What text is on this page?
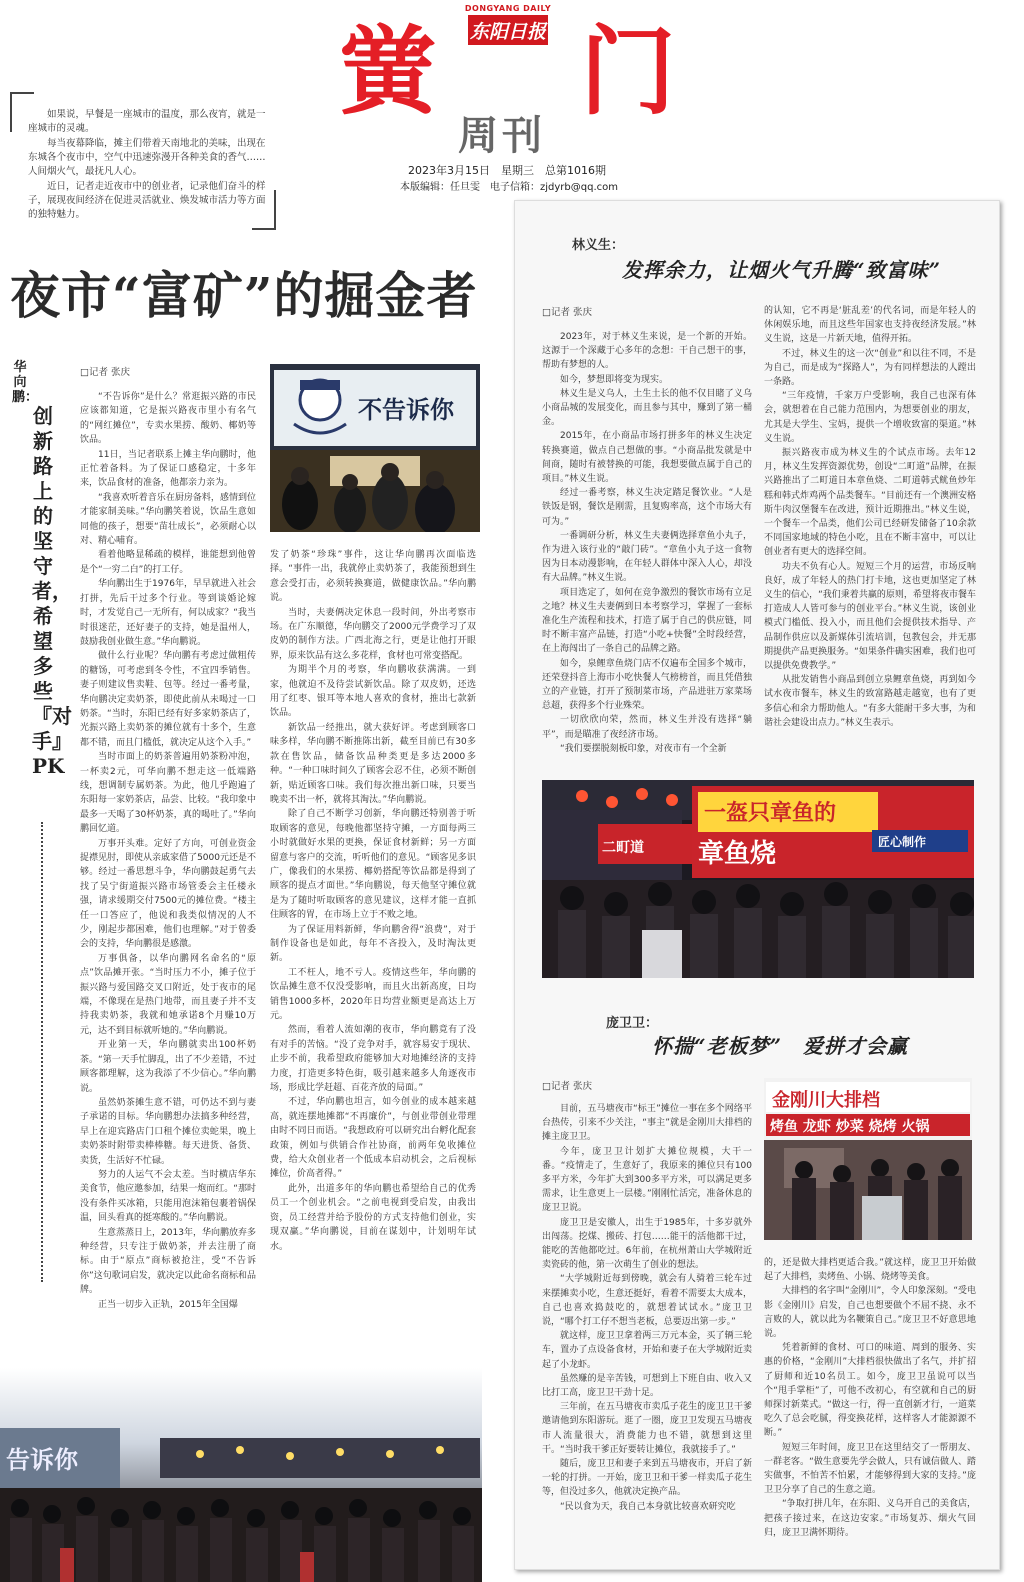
DONGYANG DAILY
东阳日报
黉 门
周刊
2023年3月15日　星期三　总第1016期
本版编辑：任旦雯　电子信箱：zjdyrb@qq.com

如果说，早餐是一座城市的温度，那么夜宵，就是一座城市的灵魂。

每当夜幕降临，摊主们带着天南地北的美味，出现在东城各个夜市中，空气中迅速弥漫开各种美食的香气……人间烟火气，最抚凡人心。

近日，记者走近夜市中的创业者，记录他们奋斗的样子，展现夜间经济在促进灵活就业、焕发城市活力等方面的独特魅力。

夜市“富矿”的掘金者
华向鹏：
创新路上的坚守者，希望多些『对手』PK
□记者 张庆

“不告诉你”是什么？常逛振兴路的市民应该都知道，它是振兴路夜市里小有名气的“网红摊位”，专卖水果捞、酸奶、椰奶等饮品。

11日，当记者联系上摊主华向鹏时，他正忙着备料。为了保证口感稳定，十多年来，饮品食材的准备，他都亲力亲为。

“我喜欢听着音乐在厨房备料，感情到位才能家制美味。”华向鹏笑着说，饮品生意如同他的孩子，想要“苗壮成长”，必须耐心以对、精心哺育。

看着他略显稀疏的模样，谁能想到他曾是个“一穷二白”的打工仔。

华向鹏出生于1976年，早早就进入社会打拼，先后干过多个行业。等到谈婚论嫁时，才发觉自己一无所有，何以成家？“我当时很迷茫，还好妻子的支持，她是温州人，鼓励我创业做生意。”华向鹏说。

做什么行业呢？华向鹏有考虑过做粗传的糖饧，可考虑到冬令性，不宜四季销售。妻子则建议售卖鞋、包等。经过一番考量，华向鹏决定卖奶茶，即使此前从未喝过一口奶茶。“当时，东阳已经有好多家奶茶店了，光振兴路上卖奶茶的摊位就有十多个，生意都不错，而且门槛低，就决定从这个入手。”

当时市面上的奶茶普遍用奶茶粉冲泡，一杯卖2元，可华向鹏不想走这一低端路线，想调制专属奶茶。为此，他几乎跑遍了东阳每一家奶茶店，品尝、比较。“我印象中最多一天喝了30杯奶茶，真的喝吐了。”华向鹏回忆道。

万事开头难。定好了方向，可创业资金捉襟见肘，即使从亲戚家借了5000元还是不够。经过一番思想斗争，华向鹏鼓起勇气去找了吴宁街道振兴路市场管委会主任楼永强，请求缓期交付7500元的摊位费。“楼主任一口答应了，他说和我类似情况的人不少，刚起步都困难，他们也理解。”对于曾委会的支持，华向鹏很是感激。

万事俱备，以华向鹏网名命名的“原点”饮品摊开张。“当时压力不小，摊子位于振兴路与爱国路交叉口附近，处于夜市的尾端，不像现在是热门地带，而且妻子并不支持我卖奶茶，我就和她承诺8个月赚10万元，达不到目标就听她的。”华向鹏说。

开业第一天，华向鹏就卖出100杯奶茶。“第一天手忙脚乱，出了不少差错，不过顾客都理解，这为我添了不少信心。”华向鹏说。

虽然奶茶摊生意不错，可仍达不到与妻子承诺的目标。华向鹏想办法搞多种经营，早上在迎宾路店门口租个摊位卖蛇果，晚上卖奶茶时附带卖棒棒糖。每天进货、备货、卖货，生活好不忙碌。

努力的人运气不会太差。当时横店华东美食节，他应邀参加，结果一炮而红。“那时没有条件买冰箱，只能用泡沫箱包裹着锅保温，回头看真的挺寒酸的。”华向鹏说。

生意蒸蒸日上，2013年，华向鹏放弃多种经营，只专注于做奶茶，并去注册了商标。由于“原点”商标被抢注，受“不告诉你”这句歌词启发，就决定以此命名商标和品牌。

正当一切步入正轨，2015年全国爆

不告诉你

发了奶茶“珍珠”事件，这让华向鹏再次面临选择。“事件一出，我就停止卖奶茶了，我能预想到生意会受打击，必须转换赛道，做健康饮品。”华向鹏说。

当时，夫妻俩决定休息一段时间，外出考察市场。在广东顺德，华向鹏交了2000元学费学习了双皮奶的制作方法。广西北海之行，更是让他打开眼界，原来饮品有这么多花样，食材也可常变搭配。

为期半个月的考察，华向鹏收获满满。一到家，他就迫不及待尝试新饮品。除了双皮奶，还选用了红枣、银耳等本地人喜欢的食材，推出七款新饮品。

新饮品一经推出，就大获好评。考虑到顾客口味多样，华向鹏不断推陈出新，截至目前已有30多款在售饮品，储备饮品种类更是多达2000多种。“一种口味时间久了顾客会忍不住，必须不断创新，贴近顾客口味。我们每次推出新口味，只要当晚卖不出一杯，就将其淘汰。”华向鹏说。

除了自己不断学习创新，华向鹏还特别善于听取顾客的意见，每晚他都坚持守摊，一方面每两三小时就做好水果的更换，保证食材新鲜；另一方面留意与客户的交流，听听他们的意见。“顾客见多识广，像我们的水果捞、椰奶搭配等饮品都是得到了顾客的提点才面世。”华向鹏说，每天他坚守摊位就是为了随时听取顾客的意见建议，这样才能一直抓住顾客的胃，在市场上立于不败之地。

为了保证用料新鲜，华向鹏舍得“浪费”，对于制作设备也是如此，每年不吝投入，及时淘汰更新。

工不枉人，地不亏人。疫情这些年，华向鹏的饮品摊生意不仅没受影响，而且火出新高度，日均销售1000多杯，2020年日均营业额更是高达上万元。

然而，看着人流如潮的夜市，华向鹏竟有了没有对手的苦恼。“没了竞争对手，就容易安于现状、止步不前，我希望政府能够加大对地摊经济的支持力度，打造更多特色街，吸引越来越多人角逐夜市场，形成比学赶超、百花齐放的局面。”

不过，华向鹏也坦言，如今创业的成本越来越高，就连摆地摊都“不再廉价”，与创业带创业带理由时不同日而语。“我想政府可以研究出台孵化配套政策，例如与供销合作社协商，前两年免收摊位费，给大众创业者一个低成本启动机会，之后视标摊位，价高者得。”

此外，出道多年的华向鹏也希望给自己的优秀员工一个创业机会。“之前电视到受启发，由我出资，员工经营并给予股份的方式支持他们创业，实现双赢。”华向鹏说，目前在谋划中，计划明年试水。

告诉你
林义生：
发挥余力，让烟火气升腾“致富味”
□记者 张庆

2023年，对于林义生来说，是一个新的开始。这源于一个深藏于心多年的念想：干自己想干的事，帮助有梦想的人。

如今，梦想即将变为现实。

林义生是义乌人，土生土长的他不仅目睹了义乌小商品城的发展变化，而且参与其中，赚到了第一桶金。

2015年，在小商品市场打拼多年的林义生决定转换赛道，做点自己想做的事。“小商品批发就是中间商，随时有被替换的可能，我想要做点属于自己的项目。”林义生说。

经过一番考察，林义生决定踏足餐饮业。“人是铁饭是钢，餐饮是刚需，且复购率高，这个市场大有可为。”

一番调研分析，林义生夫妻俩选择章鱼小丸子，作为进入该行业的“敲门砖”。“章鱼小丸子这一食物因为日本动漫影响，在年轻人群体中深入人心，却没有大品牌。”林义生说。

项目选定了，如何在竞争激烈的餐饮市场有立足之地？林义生夫妻俩到日本考察学习，掌握了一套标准化生产流程和技术，打造了属于自己的供应链，同时不断丰富产品链，打造“小吃+快餐”全时段经营，在上海闯出了一条自己的品牌之路。

如今，泉鲤章鱼烧门店不仅遍布全国多个城市，还荣登抖音上海市小吃快餐人气榜榜首，而且凭借独立的产业链，打开了预制菜市场，产品进驻万家菜场总超，获得多个行业殊荣。

一切欣欣向荣，然而，林义生并没有选择“躺平”，而是瞄准了夜经济市场。

“我们要摆脱刻板印象，对夜市有一个全新

的认知，它不再是‘脏乱差’的代名词，而是年轻人的休闲娱乐地，而且这些年国家也支持夜经济发展。”林义生说，这是一片新天地，值得开拓。

不过，林义生的这一次“创业”和以往不同，不是为自己，而是成为“探路人”，为有同样想法的人蹚出一条路。

“三年疫情，千家万户受影响，我自己也深有体会，就想着在自己能力范围内，为想要创业的朋友，尤其是大学生、宝妈，提供一个增收致富的渠道。”林义生说。

振兴路夜市成为林义生的个试点市场。去年12月，林义生发挥资源优势，创设“二町道”品牌，在振兴路推出了二町道日本章鱼烧、二町道韩式鱿鱼炒年糕和韩式炸鸡两个品类餐车。“目前还有一个澳洲安格斯牛肉汉堡餐车在改进，预计近期推出。”林义生说，一个餐车一个品类，他们公司已经研发储备了10余款不同国家地域的特色小吃，且在不断丰富中，可以让创业者有更大的选择空间。

功夫不负有心人。短短三个月的运营，市场反响良好，成了年轻人的热门打卡地，这也更加坚定了林义生的信心，“我们秉着共赢的原则，希望将夜市餐车打造成人人皆可参与的创业平台。”林义生说，该创业模式门槛低、投入小，而且他们会提供技术指导、产品制作供应以及新媒体引流培训，包教包会，并无那期提供产品更换服务。“如果条件确实困难，我们也可以提供免费教学。”

从批发销售小商品到创立泉鲤章鱼烧，再到如今试水夜市餐车，林义生的致富路越走越宽，也有了更多信心和余力帮助他人。“有多大能耐干多大事，为和谐社会建设出点力。”林义生表示。

一盔只章鱼的
章鱼烧
二町道	匠心制作
庞卫卫：
怀揣“老板梦”　爱拼才会赢
□记者 张庆

目前，五马塘夜市“标王”摊位一事在多个网络平台热传，引来不少关注，“事主”就是金刚川大排档的摊主庞卫卫。

今年，庞卫卫计划扩大摊位规模，大干一番。“疫情走了，生意好了，我原来的摊位只有100多平方米，今年扩大到300多平方米，可以满足更多需求，让生意更上一层楼。”刚刚忙活完，准备休息的庞卫卫说。

庞卫卫是安徽人，出生于1985年，十多岁就外出闯荡。挖煤、搬砖、打包……能干的活他都干过，能吃的苦他都吃过。6年前，在杭州萧山大学城附近卖瓷砖的他，第一次萌生了创业的想法。

“大学城附近每到傍晚，就会有人骑着三轮车过来摆摊卖小吃，生意还挺好，看着不需要太大成本，自己也喜欢捣鼓吃的，就想着试试水。”庞卫卫说，“哪个打工仔不想当老板，总要迈出第一步。”

就这样，庞卫卫拿着两三万元本金，买了辆三轮车，置办了点设备食材，开始和妻子在大学城附近卖起了小龙虾。

虽然赚的是辛苦钱，可想到上下班自由、收入又比打工高，庞卫卫干劲十足。

三年前，在五马塘夜市卖瓜子花生的庞卫卫干爹邀请他到东阳游玩。逛了一圈，庞卫卫发现五马塘夜市人流量很大，消费能力也不错，就想到这里干。“当时我干爹正好要转让摊位，我就接手了。”

随后，庞卫卫和妻子来到五马塘夜市，开启了新一轮的打拼。一开始，庞卫卫和干爹一样卖瓜子花生等，但没过多久，他就决定换产品。

“民以食为天，我自己本身就比较喜欢研究吃

金刚川大排档
烤鱼 龙虾 炒菜 烧烤 火锅

的，还是做大排档更适合我。”就这样，庞卫卫开始做起了大排档，卖烤鱼、小锅、烧烤等美食。

大排档的名字叫“金刚川”，令人印象深刻。“受电影《金刚川》启发，自己也想要做个不屈不挠、永不言败的人，就以此为名鞭策自己。”庞卫卫不好意思地说。

凭着新鲜的食材、可口的味道、周到的服务、实惠的价格，“金刚川”大排档很快做出了名气，并扩招了厨师和近10名员工。如今，庞卫卫虽说可以当个“甩手掌柜”了，可他不改初心，有空就和自己的厨师探讨新菜式。“做这一行，得一直创新才行，一道菜吃久了总会吃腻，得变换花样，这样客人才能源源不断。”

短短三年时间，庞卫卫在这里结交了一帮朋友、一群老客。“做生意要先学会做人，只有诚信做人、踏实做事，不怕苦不怕累，才能够得到大家的支持。”庞卫卫分享了自己的生意之道。

“争取打拼几年，在东阳、义乌开自己的美食店，把孩子接过来，在这边安家。”市场复苏、烟火气回归，庞卫卫满怀期待。
